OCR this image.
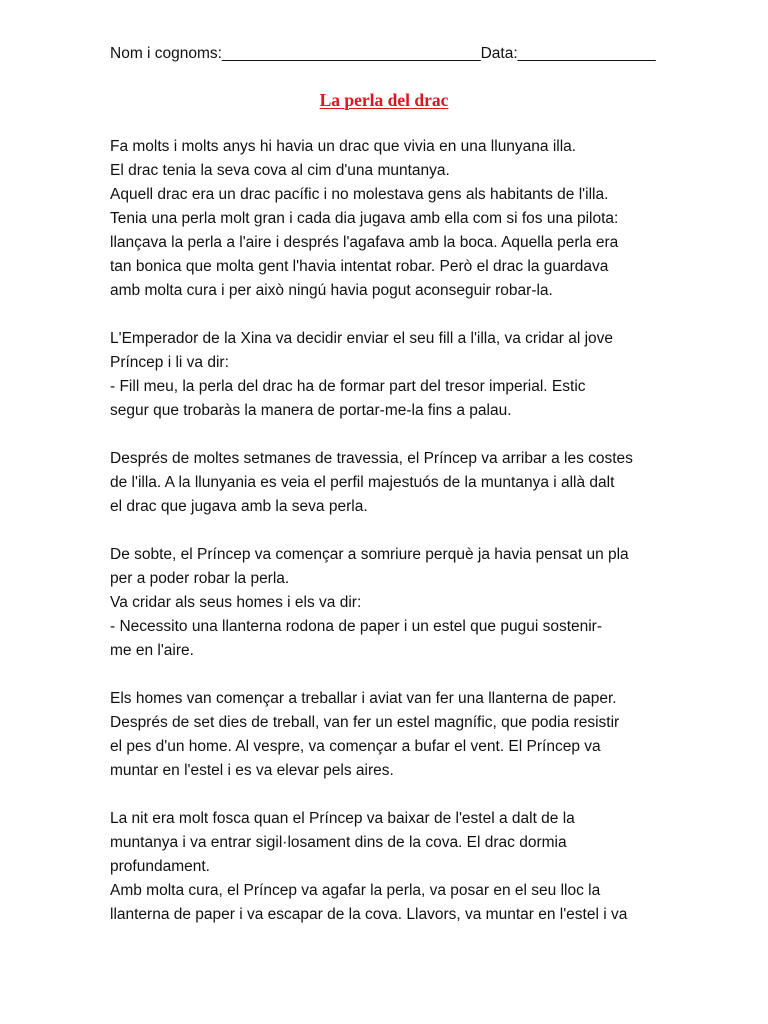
Nom i cognoms:______________________________Data:________________
La perla del drac
Fa molts i molts anys hi havia un drac que vivia en una llunyana illa.
El drac tenia la seva cova al cim d'una muntanya.
Aquell drac era un drac pacífic i no molestava gens als habitants de l'illa.
Tenia una perla molt gran i cada dia jugava amb ella com si fos una pilota:
llançava la perla a l'aire i després l'agafava amb la boca. Aquella perla era
tan bonica que molta gent l'havia intentat robar. Però el drac la guardava
amb molta cura i per això ningú havia pogut aconseguir robar-la.
L'Emperador de la Xina va decidir enviar el seu fill a l'illa, va cridar al jove
Príncep i li va dir:
- Fill meu, la perla del drac ha de formar part del tresor imperial. Estic
segur que trobaràs la manera de portar-me-la fins a palau.
Després de moltes setmanes de travessia, el Príncep va arribar a les costes
de l'illa. A la llunyania es veia el perfil majestuós de la muntanya i allà dalt
el drac que jugava amb la seva perla.
De sobte, el Príncep va començar a somriure perquè ja havia pensat un pla
per a poder robar la perla.
Va cridar als seus homes i els va dir:
- Necessito una llanterna rodona de paper i un estel que pugui sostenir-
me en l'aire.
Els homes van començar a treballar i aviat van fer una llanterna de paper.
Després de set dies de treball, van fer un estel magnífic, que podia resistir
el pes d'un home. Al vespre, va començar a bufar el vent. El Príncep va
muntar en l'estel i es va elevar pels aires.
La nit era molt fosca quan el Príncep va baixar de l'estel a dalt de la
muntanya i va entrar sigil·losament dins de la cova. El drac dormia
profundament.
Amb molta cura, el Príncep va agafar la perla, va posar en el seu lloc la
llanterna de paper i va escapar de la cova. Llavors, va muntar en l'estel i va
